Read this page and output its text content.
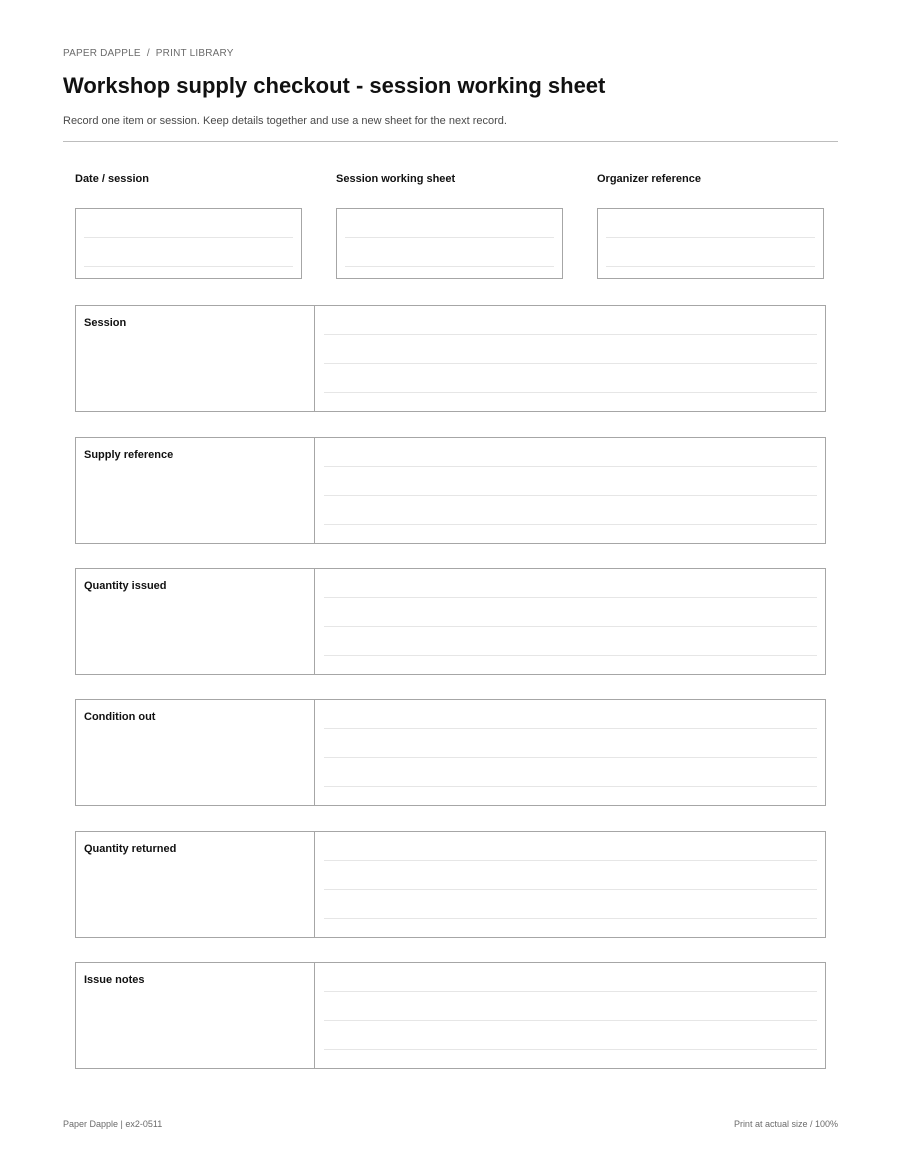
PAPER DAPPLE / PRINT LIBRARY
Workshop supply checkout - session working sheet
Record one item or session. Keep details together and use a new sheet for the next record.
Date / session	Session working sheet	Organizer reference
Session
Supply reference
Quantity issued
Condition out
Quantity returned
Issue notes
Paper Dapple | ex2-0511	Print at actual size / 100%
